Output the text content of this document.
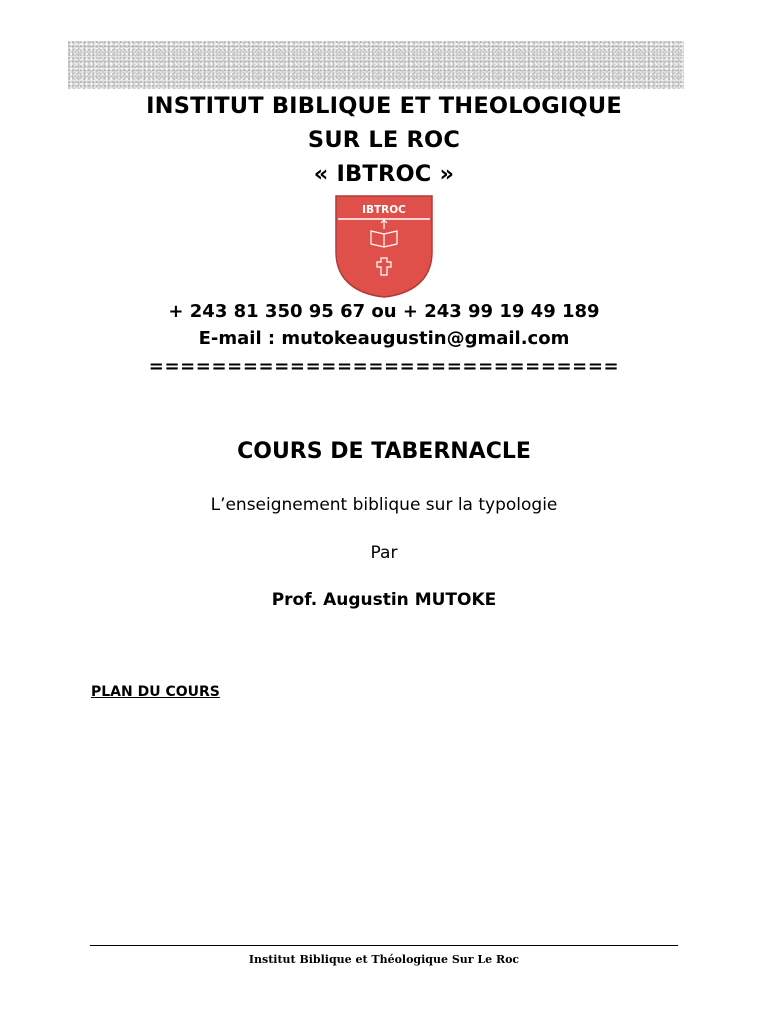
INSTITUT BIBLIQUE ET THEOLOGIQUE
SUR LE ROC
« IBTROC »
IBTROC
+ 243 81 350 95 67 ou + 243 99 19 49 189
E-mail : mutokeaugustin@gmail.com
==============================
COURS DE TABERNACLE
L’enseignement biblique sur la typologie
Par
Prof. Augustin MUTOKE
PLAN DU COURS
Institut Biblique et Théologique Sur Le Roc
